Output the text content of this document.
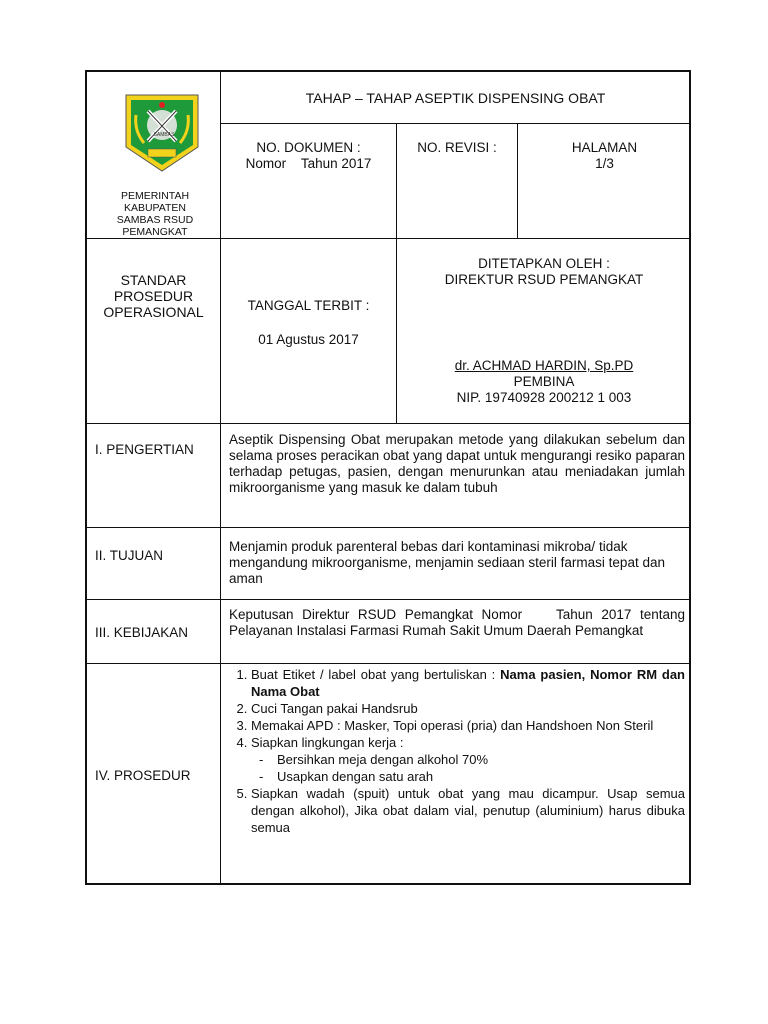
SAMBAS
PEMERINTAH
KABUPATEN
SAMBAS RSUD
PEMANGKAT
TAHAP – TAHAP ASEPTIK DISPENSING OBAT
NO. DOKUMEN :
Nomor    Tahun 2017
NO. REVISI :	HALAMAN
1/3
STANDAR
PROSEDUR
OPERASIONAL	TANGGAL TERBIT :
01 Agustus 2017
DITETAPKAN OLEH :
DIREKTUR RSUD PEMANGKAT
dr. ACHMAD HARDIN, Sp.PD
PEMBINA
NIP. 19740928 200212 1 003
I. PENGERTIAN
Aseptik Dispensing Obat merupakan metode yang dilakukan sebelum dan selama proses peracikan obat yang dapat untuk mengurangi resiko paparan terhadap petugas, pasien, dengan menurunkan atau meniadakan jumlah mikroorganisme yang masuk ke dalam tubuh
II. TUJUAN
Menjamin produk parenteral bebas dari kontaminasi mikroba/ tidak mengandung mikroorganisme, menjamin sediaan steril farmasi tepat dan aman
III. KEBIJAKAN
Keputusan Direktur RSUD Pemangkat Nomor    Tahun 2017 tentang Pelayanan Instalasi Farmasi Rumah Sakit Umum Daerah Pemangkat
IV. PROSEDUR
1. Buat Etiket / label obat yang bertuliskan : Nama pasien, Nomor RM dan Nama Obat
2. Cuci Tangan pakai Handsrub
3. Memakai APD : Masker, Topi operasi (pria) dan Handshoen Non Steril
4. Siapkan lingkungan kerja :
- Bersihkan meja dengan alkohol 70%
- Usapkan dengan satu arah
5. Siapkan wadah (spuit) untuk obat yang mau dicampur. Usap semua dengan alkohol), Jika obat dalam vial, penutup (aluminium) harus dibuka semua
